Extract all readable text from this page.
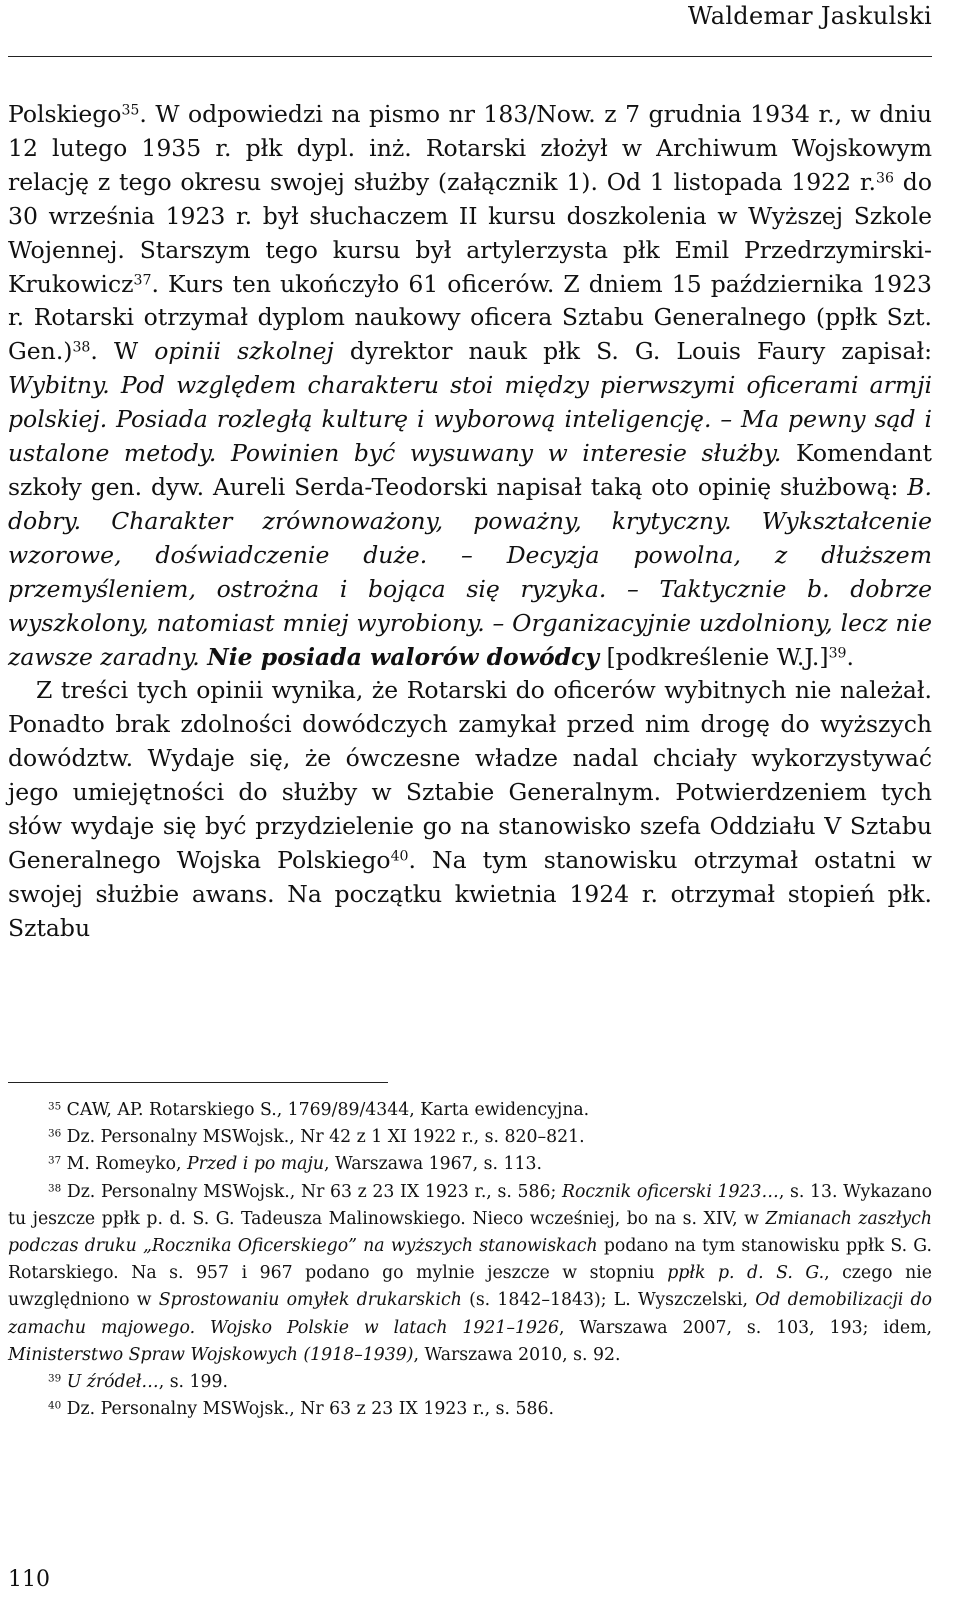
Waldemar Jaskulski

Polskiego$^{35}$. W odpowiedzi na pismo nr 183/Now. z 7 grudnia 1934 r., w dniu 12 lutego 1935 r. płk dypl. inż. Rotarski złożył w Archiwum Wojskowym relację z tego okresu swojej służby (załącznik 1). Od 1 listopada 1922 r.$^{36}$ do 30 września 1923 r. był słuchaczem II kursu doszkolenia w Wyższej Szkole Wojennej. Starszym tego kursu był artylerzysta płk Emil Przedrzymirski-Krukowicz$^{37}$. Kurs ten ukończyło 61 oficerów. Z dniem 15 października 1923 r. Rotarski otrzymał dyplom naukowy oficera Sztabu Generalnego (ppłk Szt. Gen.)$^{38}$. W opinii szkolnej dyrektor nauk płk S. G. Louis Faury zapisał: Wybitny. Pod względem charakteru stoi między pierwszymi oficerami armji polskiej. Posiada rozległą kulturę i wyborową inteligencję. – Ma pewny sąd i ustalone metody. Powinien być wysuwany w interesie służby. Komendant szkoły gen. dyw. Aureli Serda-Teodorski napisał taką oto opinię służbową: B. dobry. Charakter zrównoważony, poważny, krytyczny. Wykształcenie wzorowe, doświadczenie duże. – Decyzja powolna, z dłuższem przemyśleniem, ostrożna i bojąca się ryzyka. – Taktycznie b. dobrze wyszkolony, natomiast mniej wyrobiony. – Organizacyjnie uzdolniony, lecz nie zawsze zaradny. Nie posiada walorów dowódcy [podkreślenie W.J.]$^{39}$.

Z treści tych opinii wynika, że Rotarski do oficerów wybitnych nie należał. Ponadto brak zdolności dowódczych zamykał przed nim drogę do wyższych dowództw. Wydaje się, że ówczesne władze nadal chciały wykorzystywać jego umiejętności do służby w Sztabie Generalnym. Potwierdzeniem tych słów wydaje się być przydzielenie go na stanowisko szefa Oddziału V Sztabu Generalnego Wojska Polskiego$^{40}$. Na tym stanowisku otrzymał ostatni w swojej służbie awans. Na początku kwietnia 1924 r. otrzymał stopień płk. Sztabu

$^{35}$ CAW, AP. Rotarskiego S., 1769/89/4344, Karta ewidencyjna.

$^{36}$ Dz. Personalny MSWojsk., Nr 42 z 1 XI 1922 r., s. 820–821.

$^{37}$ M. Romeyko, Przed i po maju, Warszawa 1967, s. 113.

$^{38}$ Dz. Personalny MSWojsk., Nr 63 z 23 IX 1923 r., s. 586; Rocznik oficerski 1923…, s. 13. Wykazano tu jeszcze ppłk p. d. S. G. Tadeusza Malinowskiego. Nieco wcześniej, bo na s. XIV, w Zmianach zaszłych podczas druku „Rocznika Oficerskiego” na wyższych stanowiskach podano na tym stanowisku ppłk S. G. Rotarskiego. Na s. 957 i 967 podano go mylnie jeszcze w stopniu ppłk p. d. S. G., czego nie uwzględniono w Sprostowaniu omyłek drukarskich (s. 1842–1843); L. Wyszczelski, Od demobilizacji do zamachu majowego. Wojsko Polskie w latach 1921–1926, Warszawa 2007, s. 103, 193; idem, Ministerstwo Spraw Wojskowych (1918–1939), Warszawa 2010, s. 92.

$^{39}$ U źródeł…, s. 199.

$^{40}$ Dz. Personalny MSWojsk., Nr 63 z 23 IX 1923 r., s. 586.

110
